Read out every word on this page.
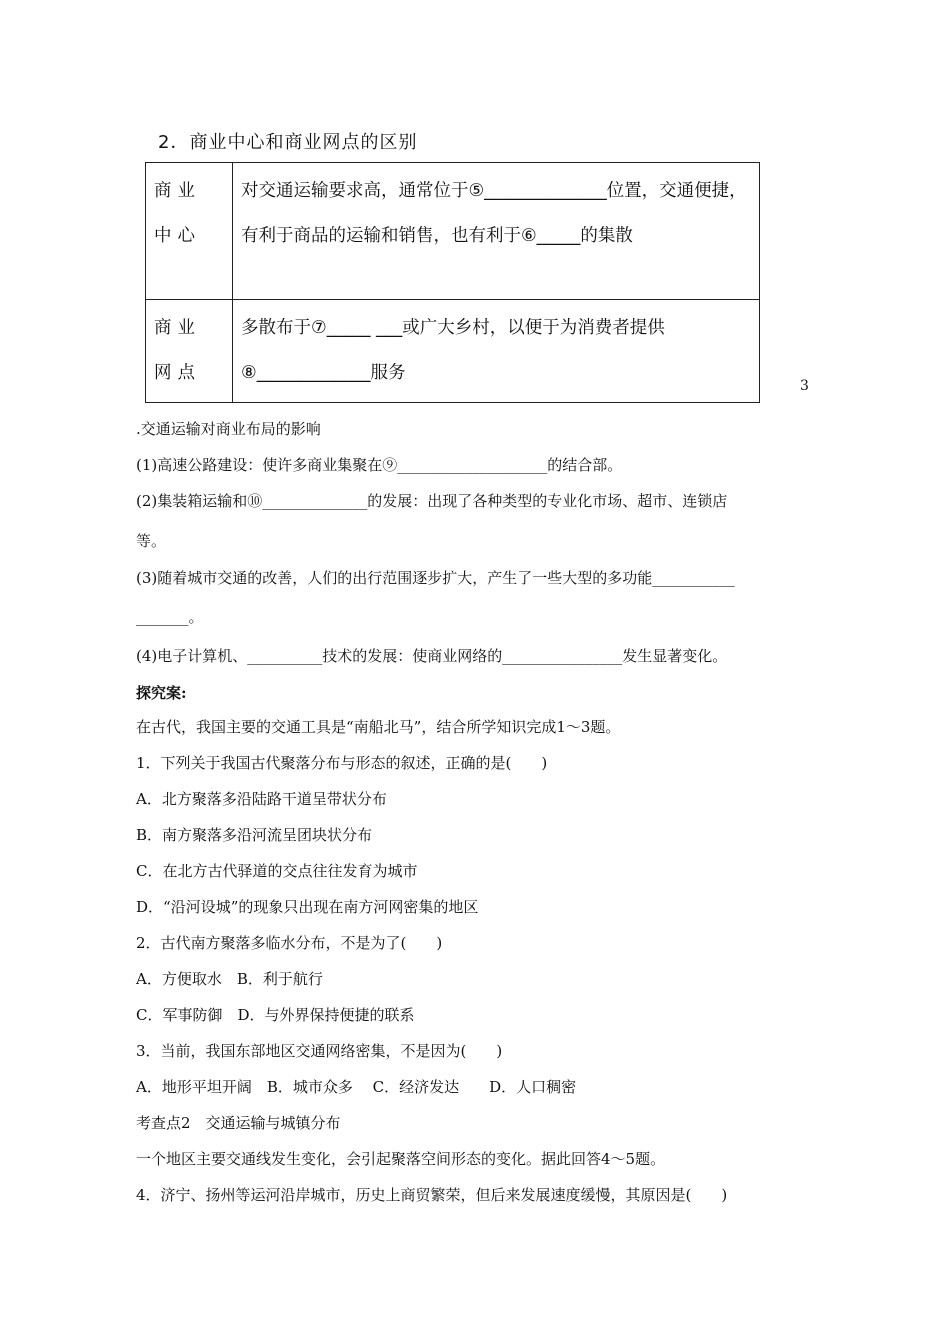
2．商业中心和商业网点的区别
商业中心	对交通运输要求高，通常位于⑤______________位置，交通便捷，有利于商品的运输和销售，也有利于⑥_____的集散
商业网点	多散布于⑦_____ ___或广大乡村，以便于为消费者提供⑧_____________服务
3
.交通运输对商业布局的影响
(1)高速公路建设：使许多商业集聚在⑨____________________的结合部。
(2)集装箱运输和⑩______________的发展：出现了各种类型的专业化市场、超市、连锁店
等。
(3)随着城市交通的改善，人们的出行范围逐步扩大，产生了一些大型的多功能___________
_______。
(4)电子计算机、__________技术的发展：使商业网络的________________发生显著变化。
探究案:
在古代，我国主要的交通工具是“南船北马”，结合所学知识完成1～3题。
1．下列关于我国古代聚落分布与形态的叙述，正确的是(　　)
A．北方聚落多沿陆路干道呈带状分布
B．南方聚落多沿河流呈团块状分布
C．在北方古代驿道的交点往往发育为城市
D．“沿河设城”的现象只出现在南方河网密集的地区
2．古代南方聚落多临水分布，不是为了(　　)
A．方便取水　B．利于航行
C．军事防御　D．与外界保持便捷的联系
3．当前，我国东部地区交通网络密集，不是因为(　　)
A．地形平坦开阔　B．城市众多　 C．经济发达　　D．人口稠密
考查点2　交通运输与城镇分布
一个地区主要交通线发生变化，会引起聚落空间形态的变化。据此回答4～5题。
4．济宁、扬州等运河沿岸城市，历史上商贸繁荣，但后来发展速度缓慢，其原因是(　　)
